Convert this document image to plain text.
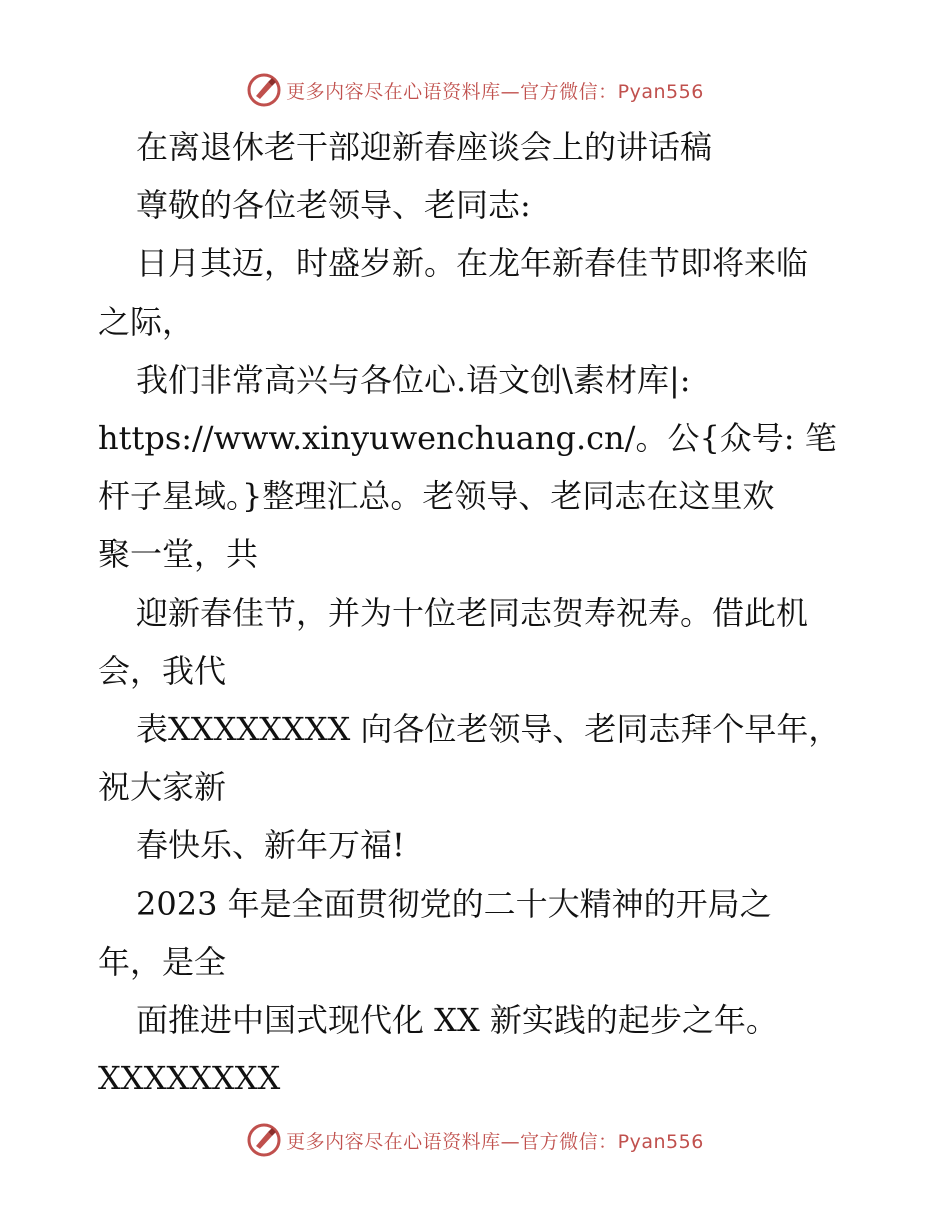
更多内容尽在心语资料库—官方微信：Pyan556

在离退休老干部迎新春座谈会上的讲话稿

尊敬的各位老领导、老同志:

日月其迈，时盛岁新。在龙年新春佳节即将来临

之际，

我们非常高兴与各位心.语文创\素材库|:

https://www.xinyuwenchuang.cn/。公{众号: 笔

杆子星域。}整理汇总。老领导、老同志在这里欢

聚一堂，共

迎新春佳节，并为十位老同志贺寿祝寿。借此机

会，我代

表XXXXXXXX 向各位老领导、老同志拜个早年，

祝大家新

春快乐、新年万福!

2023 年是全面贯彻党的二十大精神的开局之

年，是全

面推进中国式现代化 XX 新实践的起步之年。

XXXXXXXX

更多内容尽在心语资料库—官方微信：Pyan556
